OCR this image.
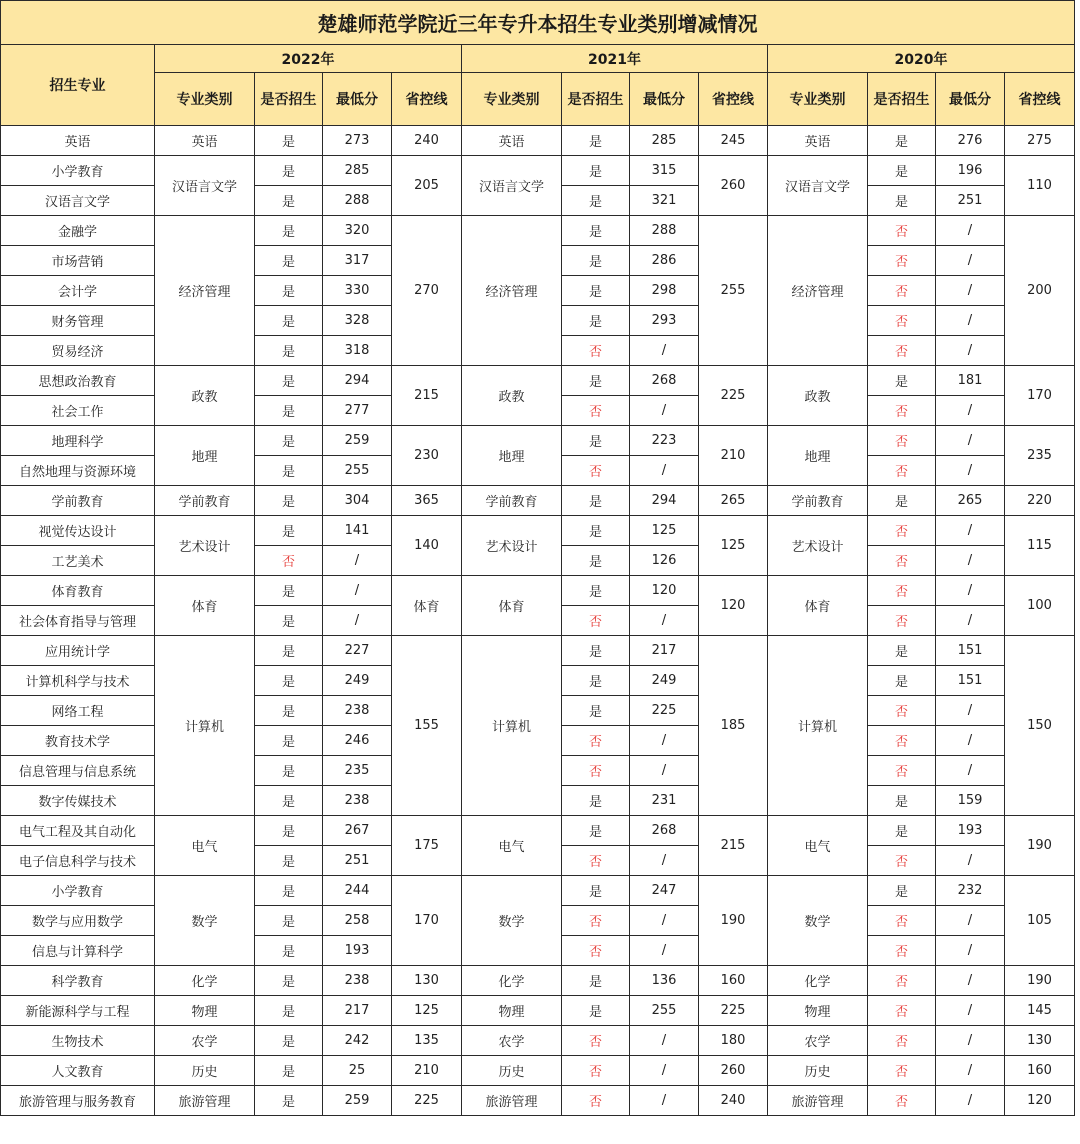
楚雄师范学院近三年专升本招生专业类别增减情况												
招生专业	2022年				2021年				2020年			
	专业类别	是否招生	最低分	省控线	专业类别	是否招生	最低分	省控线	专业类别	是否招生	最低分	省控线
英语	英语	是	273	240	英语	是	285	245	英语	是	276	275
小学教育	汉语言文学	是	285	205	汉语言文学	是	315	260	汉语言文学	是	196	110
汉语言文学		是	288			是	321			是	251	
金融学	经济管理	是	320	270	经济管理	是	288	255	经济管理	否	/	200
市场营销		是	317			是	286			否	/	
会计学		是	330			是	298			否	/	
财务管理		是	328			是	293			否	/	
贸易经济		是	318			否	/			否	/	
思想政治教育	政教	是	294	215	政教	是	268	225	政教	是	181	170
社会工作		是	277			否	/			否	/	
地理科学	地理	是	259	230	地理	是	223	210	地理	否	/	235
自然地理与资源环境		是	255			否	/			否	/	
学前教育	学前教育	是	304	365	学前教育	是	294	265	学前教育	是	265	220
视觉传达设计	艺术设计	是	141	140	艺术设计	是	125	125	艺术设计	否	/	115
工艺美术		否	/			是	126			否	/	
体育教育	体育	是	/	体育	体育	是	120	120	体育	否	/	100
社会体育指导与管理		是	/			否	/			否	/	
应用统计学	计算机	是	227	155	计算机	是	217	185	计算机	是	151	150
计算机科学与技术		是	249			是	249			是	151	
网络工程		是	238			是	225			否	/	
教育技术学		是	246			否	/			否	/	
信息管理与信息系统		是	235			否	/			否	/	
数字传媒技术		是	238			是	231			是	159	
电气工程及其自动化	电气	是	267	175	电气	是	268	215	电气	是	193	190
电子信息科学与技术		是	251			否	/			否	/	
小学教育	数学	是	244	170	数学	是	247	190	数学	是	232	105
数学与应用数学		是	258			否	/			否	/	
信息与计算科学		是	193			否	/			否	/	
科学教育	化学	是	238	130	化学	是	136	160	化学	否	/	190
新能源科学与工程	物理	是	217	125	物理	是	255	225	物理	否	/	145
生物技术	农学	是	242	135	农学	否	/	180	农学	否	/	130
人文教育	历史	是	25	210	历史	否	/	260	历史	否	/	160
旅游管理与服务教育	旅游管理	是	259	225	旅游管理	否	/	240	旅游管理	否	/	120
